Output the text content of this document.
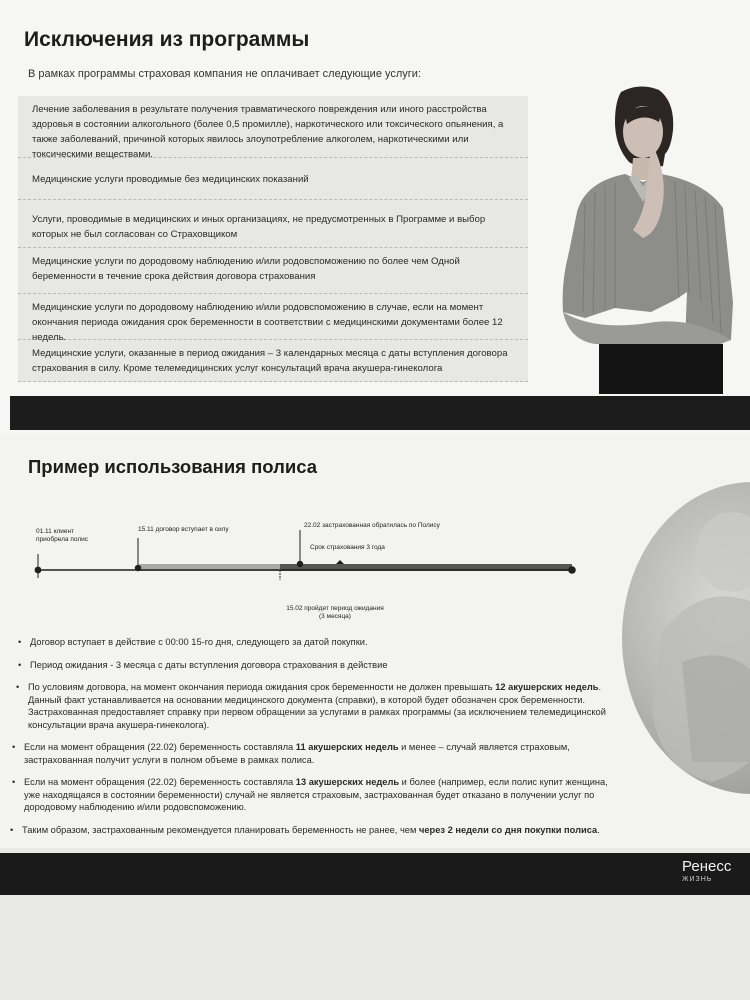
Исключения из программы
В рамках программы страховая компания не оплачивает следующие услуги:
Лечение заболевания в результате получения травматического повреждения или иного расстройства здоровья в состоянии алкогольного (более 0,5 промилле), наркотического или токсического опьянения, а также заболеваний, причиной которых явилось злоупотребление алкоголем, наркотическими или токсическими веществами.
Медицинские услуги проводимые без медицинских показаний
Услуги, проводимые в медицинских и иных организациях, не предусмотренных в Программе и выбор которых не был согласован со Страховщиком
Медицинские услуги по дородовому наблюдению и/или родовспоможению по более чем Одной беременности в течение срока действия договора страхования
Медицинские услуги по дородовому наблюдению и/или родовспоможению в случае, если на момент окончания периода ожидания срок беременности в соответствии с медицинскими документами более 12 недель.
Медицинские услуги, оказанные в период ожидания – 3 календарных месяца с даты вступления договора страхования в силу. Кроме телемедицинских услуг консультаций врача акушера-гинеколога
Пример использования полиса
01.11 клиент приобрела полис
15.11 договор вступает в силу
22.02 застрахованная обратилась по Полису
Срок страхования 3 года
15.02 пройдет период ожидания
(3 месяца)
• Договор вступает в действие с 00:00 15-го дня, следующего за датой покупки.
• Период ожидания - 3 месяца с даты вступления договора страхования в действие
• По условиям договора, на момент окончания периода ожидания срок беременности не должен превышать 12 акушерских недель. Данный факт устанавливается на основании медицинского документа (справки), в которой будет обозначен срок беременности. Застрахованная предоставляет справку при первом обращении за услугами в рамках программы (за исключением телемедицинской консультации врача акушера-гинеколога).
• Если на момент обращения (22.02) беременность составляла 11 акушерских недель и менее – случай является страховым, застрахованная получит услуги в полном объеме в рамках полиса.
• Если на момент обращения (22.02) беременность составляла 13 акушерских недель и более (например, если полис купит женщина, уже находящаяся в состоянии беременности) случай не является страховым, застрахованная будет отказано в получении услуг по дородовому наблюдению и/или родовспоможению.
• Таким образом, застрахованным рекомендуется планировать беременность не ранее, чем через 2 недели со дня покупки полиса.
Ренесс
ЖИЗНЬ
